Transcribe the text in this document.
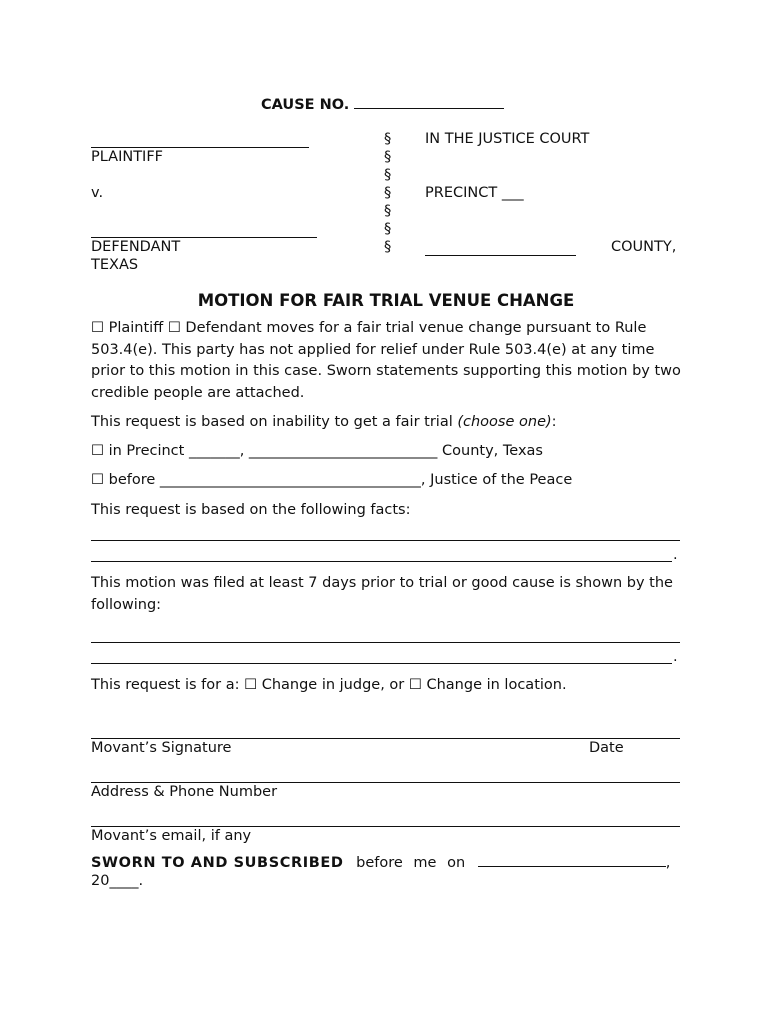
CAUSE NO.
PLAINTIFF
v.
DEFENDANT
TEXAS
§
§
§
§
§
§
§
IN THE JUSTICE COURT
PRECINCT ___
COUNTY,
MOTION FOR FAIR TRIAL VENUE CHANGE
☐ Plaintiff ☐ Defendant moves for a fair trial venue change pursuant to Rule 503.4(e). This party has not applied for relief under Rule 503.4(e) at any time prior to this motion in this case. Sworn statements supporting this motion by two credible people are attached.
This request is based on inability to get a fair trial (choose one):
☐ in Precinct _______, __________________________ County, Texas
☐ before ____________________________________, Justice of the Peace
This request is based on the following facts:
.
This motion was filed at least 7 days prior to trial or good cause is shown by the following:
.
This request is for a: ☐ Change in judge, or ☐ Change in location.
Movant’s Signature	Date
Address & Phone Number
Movant’s email, if any
SWORN TO AND SUBSCRIBED before me on	,
20____.
